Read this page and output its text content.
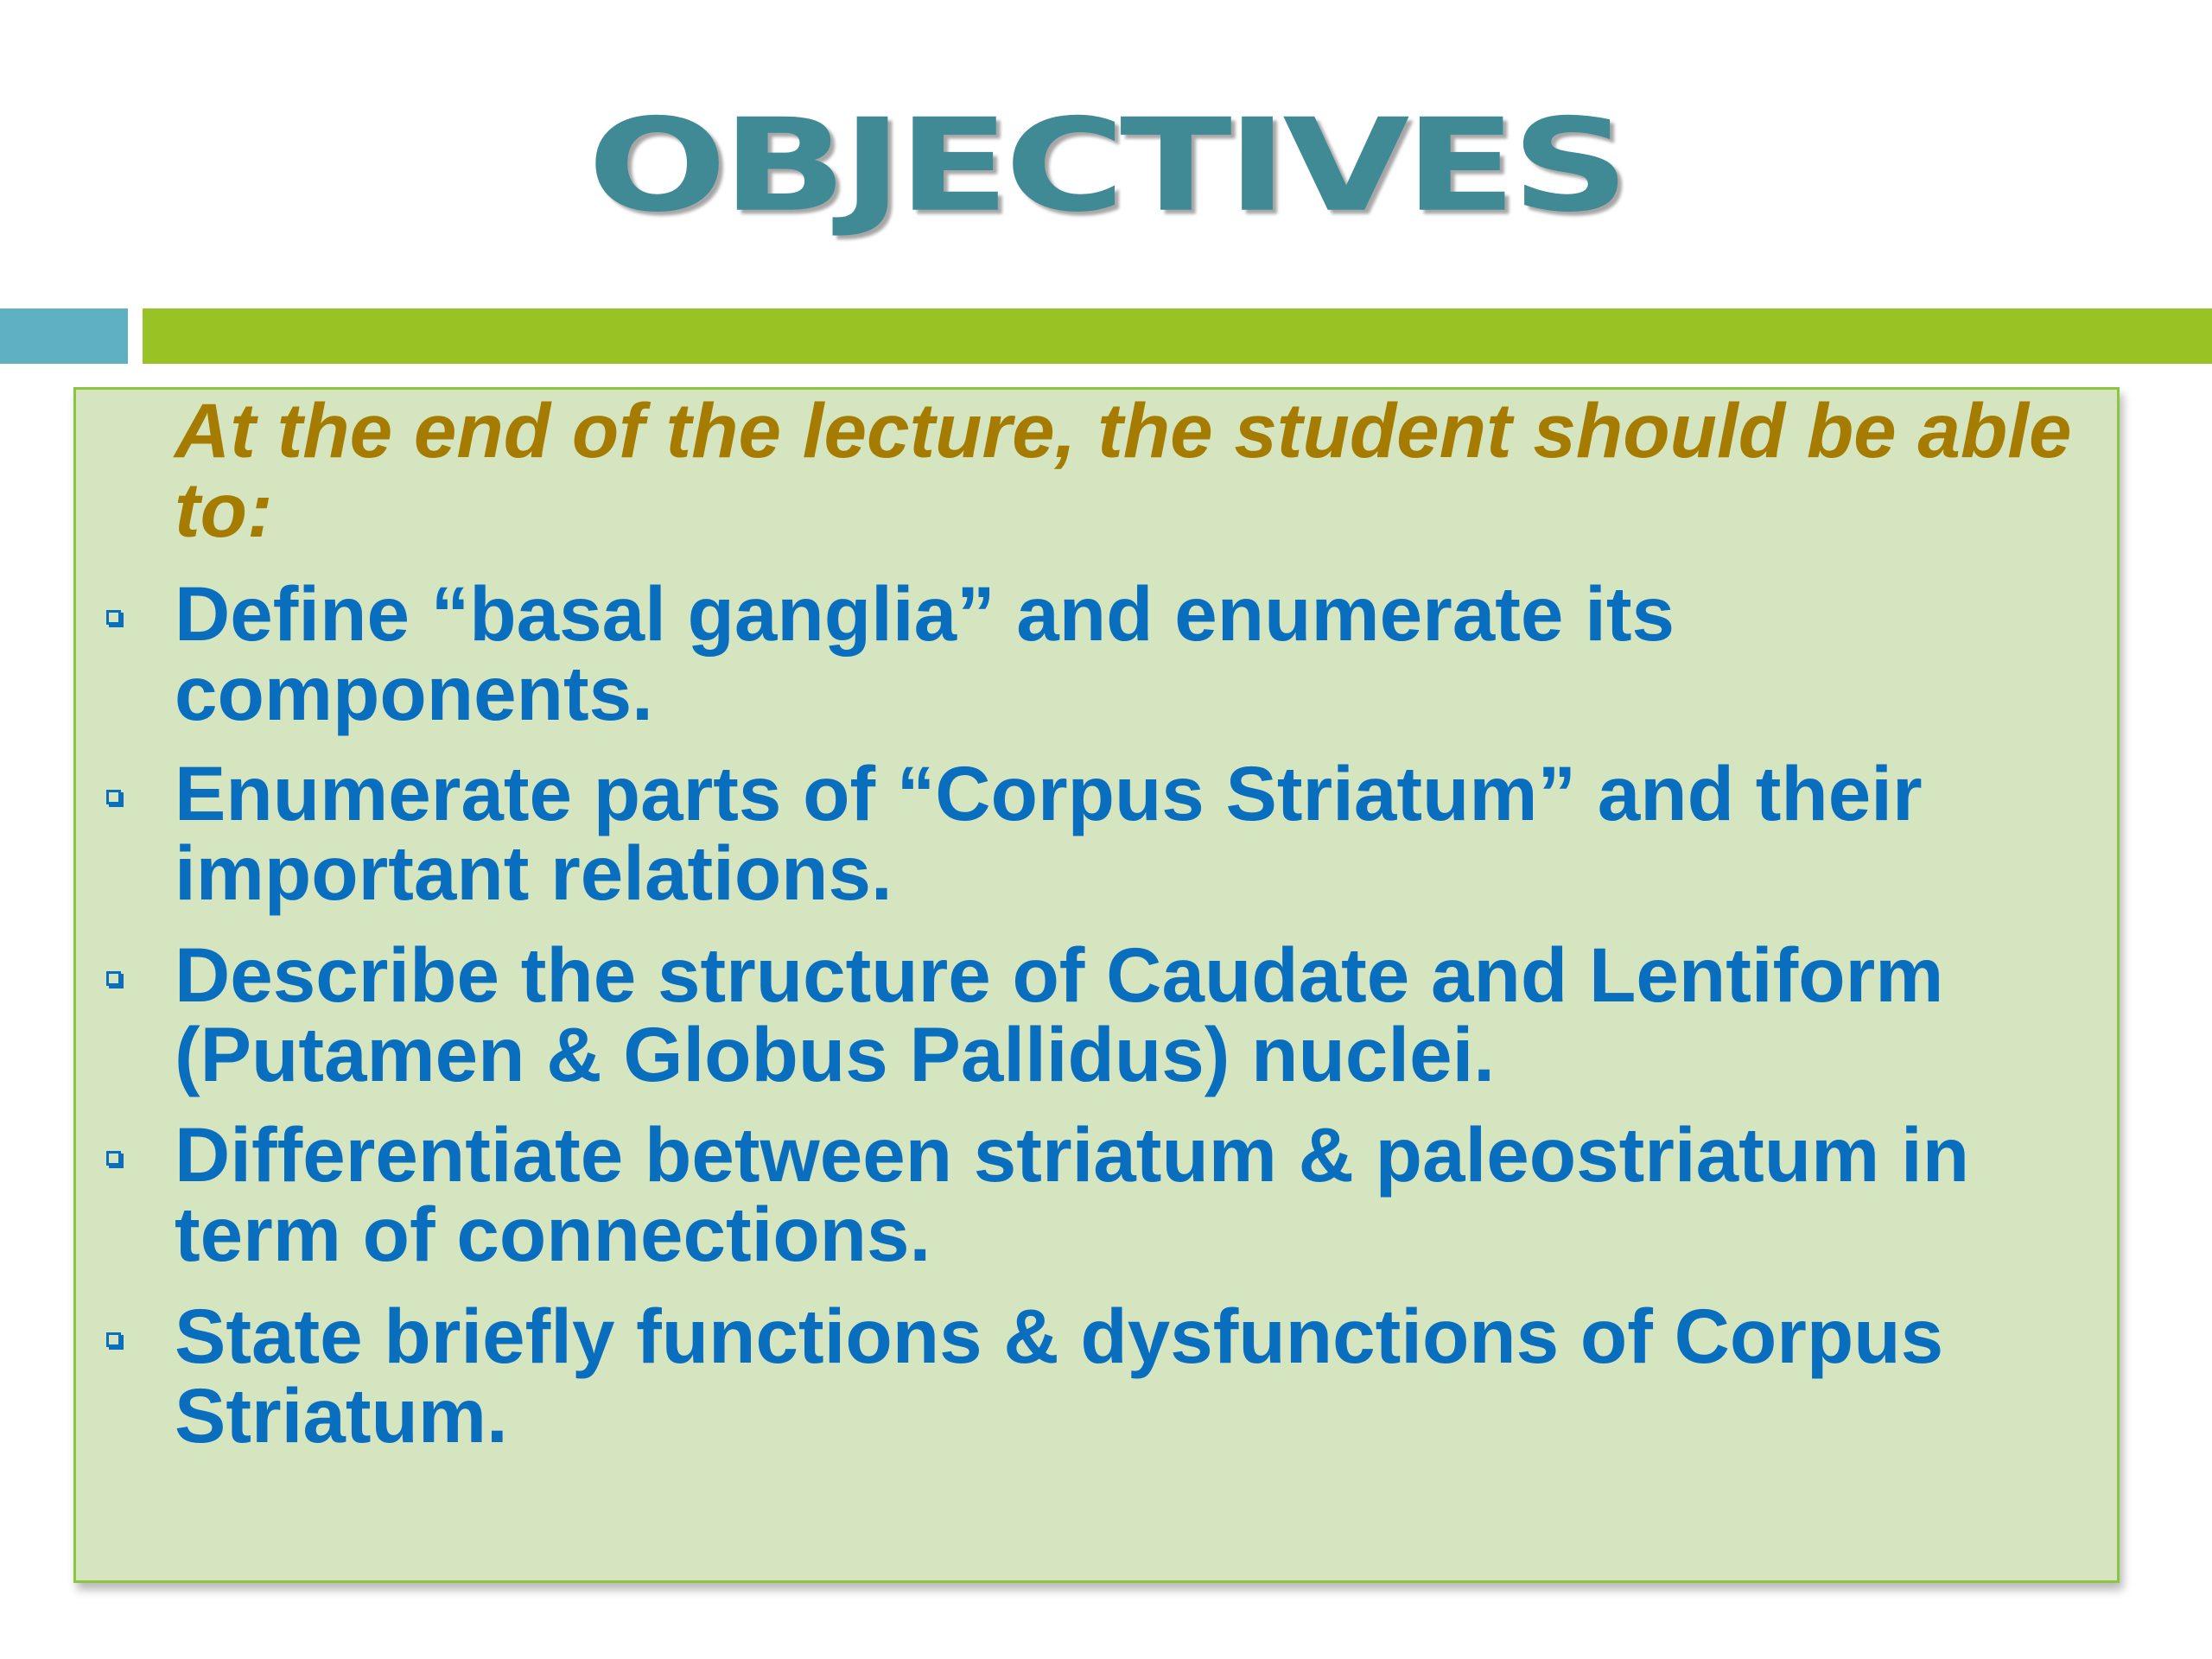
OBJECTIVES
At the end of the lecture, the student should be able to:
Define “basal ganglia” and enumerate its components.
Enumerate parts of “Corpus Striatum” and their important relations.
Describe the structure of Caudate and Lentiform (Putamen & Globus Pallidus) nuclei.
Differentiate between striatum & paleostriatum in term of connections.
State briefly functions & dysfunctions of Corpus Striatum.
